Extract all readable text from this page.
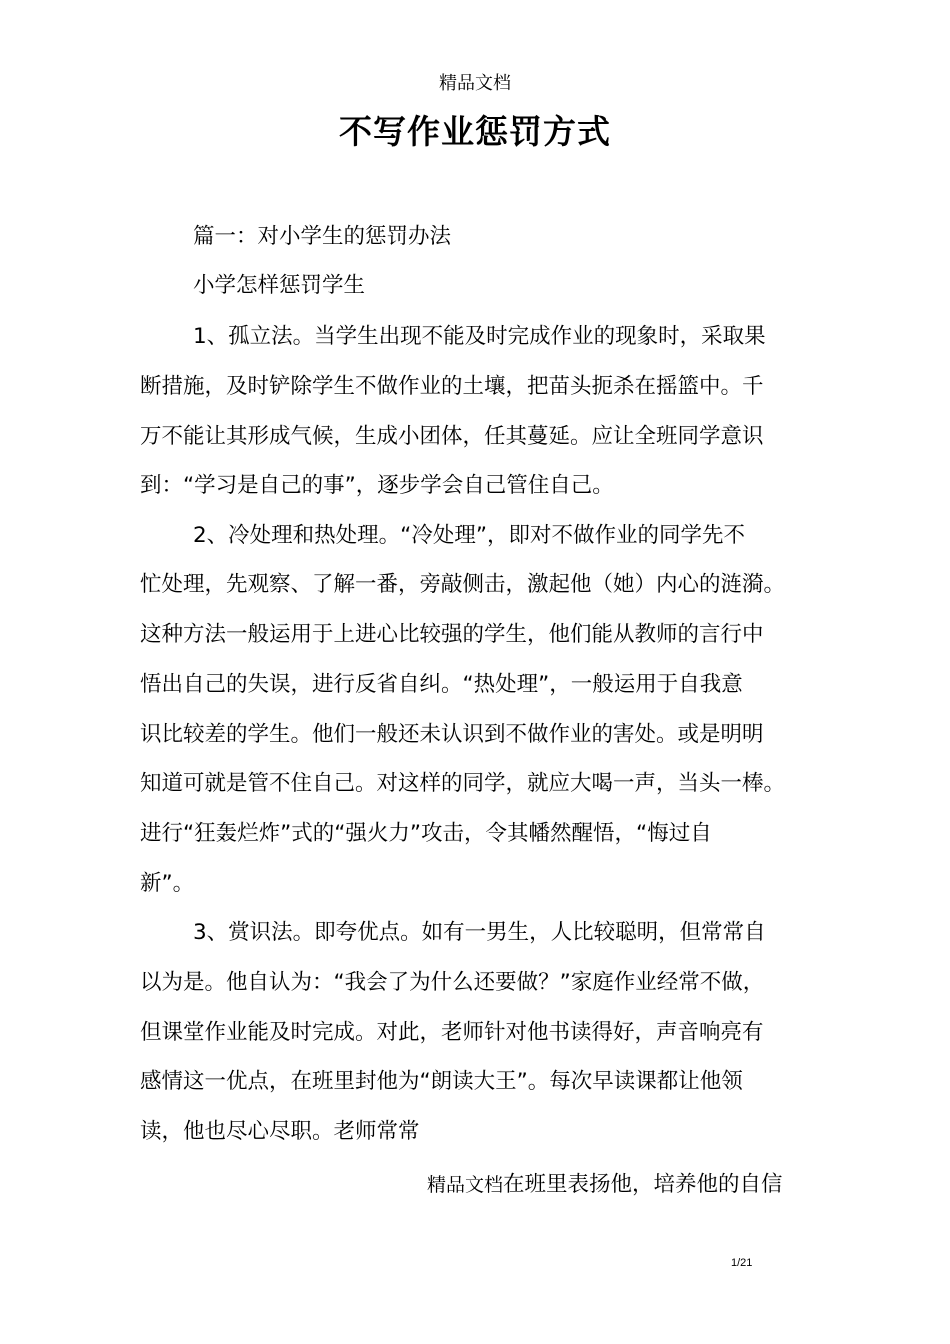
精品文档
不写作业惩罚方式
篇一：对小学生的惩罚办法
小学怎样惩罚学生
1、孤立法。当学生出现不能及时完成作业的现象时，采取果
断措施，及时铲除学生不做作业的土壤，把苗头扼杀在摇篮中。千
万不能让其形成气候，生成小团体，任其蔓延。应让全班同学意识
到：“学习是自己的事”，逐步学会自己管住自己。
2、冷处理和热处理。“冷处理”，即对不做作业的同学先不
忙处理，先观察、了解一番，旁敲侧击，激起他（她）内心的涟漪。
这种方法一般运用于上进心比较强的学生，他们能从教师的言行中
悟出自己的失误，进行反省自纠。“热处理”，一般运用于自我意
识比较差的学生。他们一般还未认识到不做作业的害处。或是明明
知道可就是管不住自己。对这样的同学，就应大喝一声，当头一棒。
进行“狂轰烂炸”式的“强火力”攻击，令其幡然醒悟，“悔过自
新”。
3、赏识法。即夸优点。如有一男生，人比较聪明，但常常自
以为是。他自认为：“我会了为什么还要做？”家庭作业经常不做，
但课堂作业能及时完成。对此，老师针对他书读得好，声音响亮有
感情这一优点，在班里封他为“朗读大王”。每次早读课都让他领
读，他也尽心尽职。老师常常
精品文档在班里表扬他，培养他的自信
1/21
